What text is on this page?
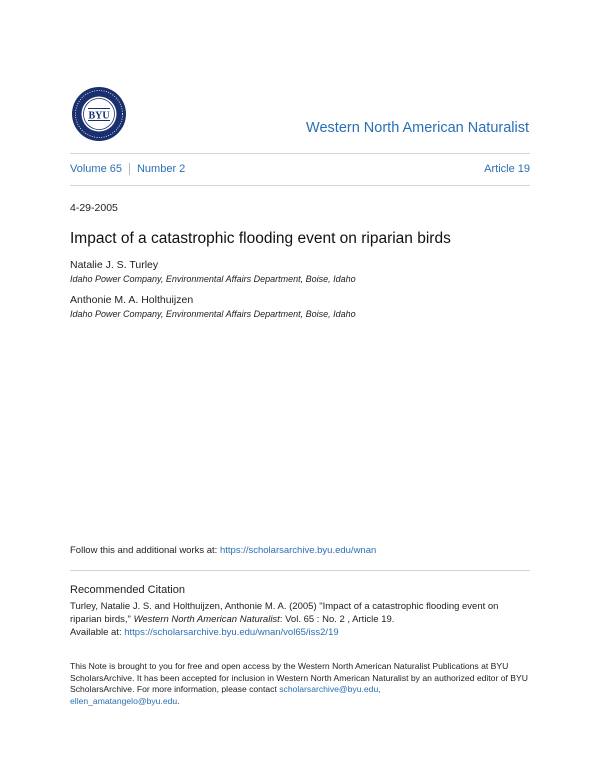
BYU
Western North American Naturalist
Volume 65 Number 2	Article 19
4-29-2005
Impact of a catastrophic flooding event on riparian birds
Natalie J. S. Turley
Idaho Power Company, Environmental Affairs Department, Boise, Idaho
Anthonie M. A. Holthuijzen
Idaho Power Company, Environmental Affairs Department, Boise, Idaho
Follow this and additional works at: https://scholarsarchive.byu.edu/wnan
Recommended Citation
Turley, Natalie J. S. and Holthuijzen, Anthonie M. A. (2005) "Impact of a catastrophic flooding event on riparian birds," Western North American Naturalist: Vol. 65 : No. 2 , Article 19.
Available at: https://scholarsarchive.byu.edu/wnan/vol65/iss2/19
This Note is brought to you for free and open access by the Western North American Naturalist Publications at BYU ScholarsArchive. It has been accepted for inclusion in Western North American Naturalist by an authorized editor of BYU ScholarsArchive. For more information, please contact scholarsarchive@byu.edu,
ellen_amatangelo@byu.edu.
